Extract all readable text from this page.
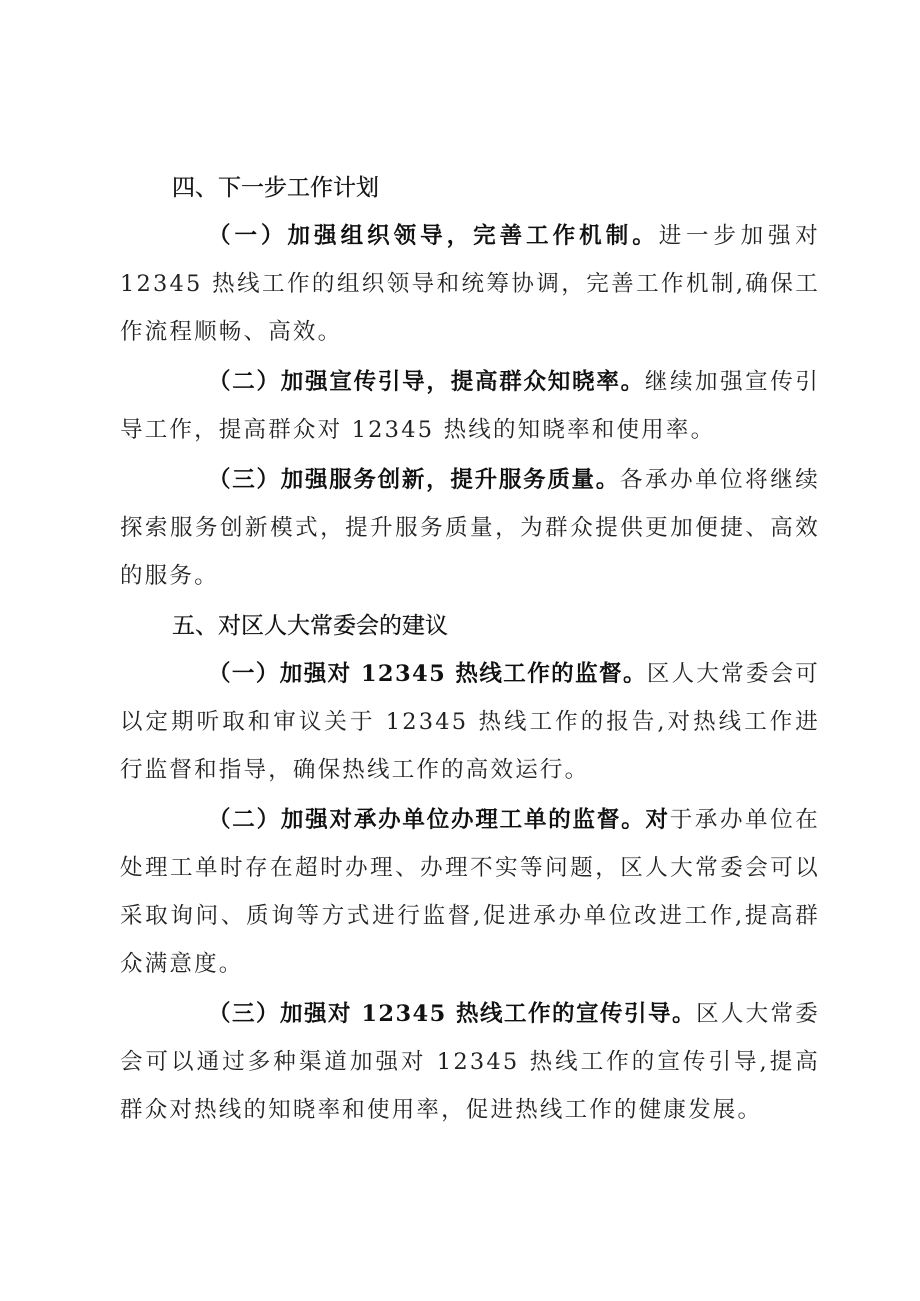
四、下一步工作计划

（一）加强组织领导，完善工作机制。进一步加强对12345 热线工作的组织领导和统筹协调，完善工作机制,确保工作流程顺畅、高效。

（二）加强宣传引导，提高群众知晓率。继续加强宣传引导工作，提高群众对 12345 热线的知晓率和使用率。

（三）加强服务创新，提升服务质量。各承办单位将继续探索服务创新模式，提升服务质量，为群众提供更加便捷、高效的服务。

五、对区人大常委会的建议

（一）加强对 12345 热线工作的监督。区人大常委会可以定期听取和审议关于 12345 热线工作的报告,对热线工作进行监督和指导，确保热线工作的高效运行。

（二）加强对承办单位办理工单的监督。对于承办单位在处理工单时存在超时办理、办理不实等问题，区人大常委会可以采取询问、质询等方式进行监督,促进承办单位改进工作,提高群众满意度。

（三）加强对 12345 热线工作的宣传引导。区人大常委会可以通过多种渠道加强对 12345 热线工作的宣传引导,提高群众对热线的知晓率和使用率，促进热线工作的健康发展。
